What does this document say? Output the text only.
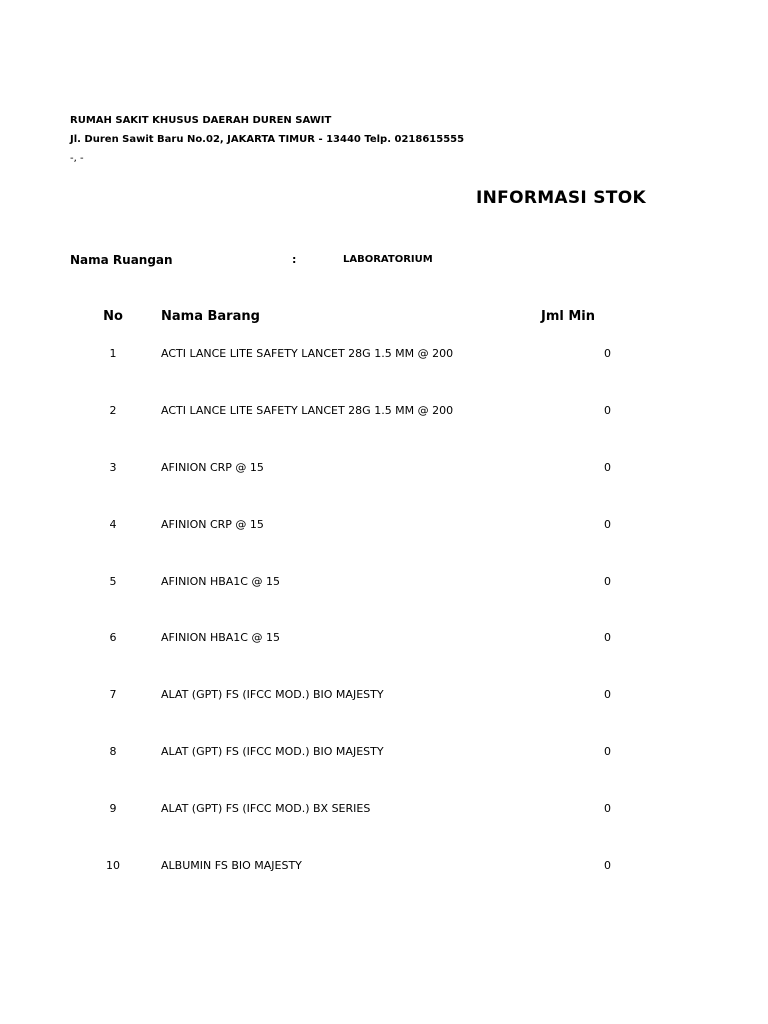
RUMAH SAKIT KHUSUS DAERAH DUREN SAWIT
Jl. Duren Sawit Baru No.02, JAKARTA TIMUR - 13440 Telp. 0218615555
-, -
INFORMASI STOK
Nama Ruangan	:	LABORATORIUM
No	Nama Barang	Jml Min
1	ACTI LANCE LITE SAFETY LANCET 28G 1.5 MM @ 200	0
2	ACTI LANCE LITE SAFETY LANCET 28G 1.5 MM @ 200	0
3	AFINION CRP @ 15	0
4	AFINION CRP @ 15	0
5	AFINION HBA1C @ 15	0
6	AFINION HBA1C @ 15	0
7	ALAT (GPT) FS (IFCC MOD.) BIO MAJESTY	0
8	ALAT (GPT) FS (IFCC MOD.) BIO MAJESTY	0
9	ALAT (GPT) FS (IFCC MOD.) BX SERIES	0
10	ALBUMIN FS BIO MAJESTY	0
